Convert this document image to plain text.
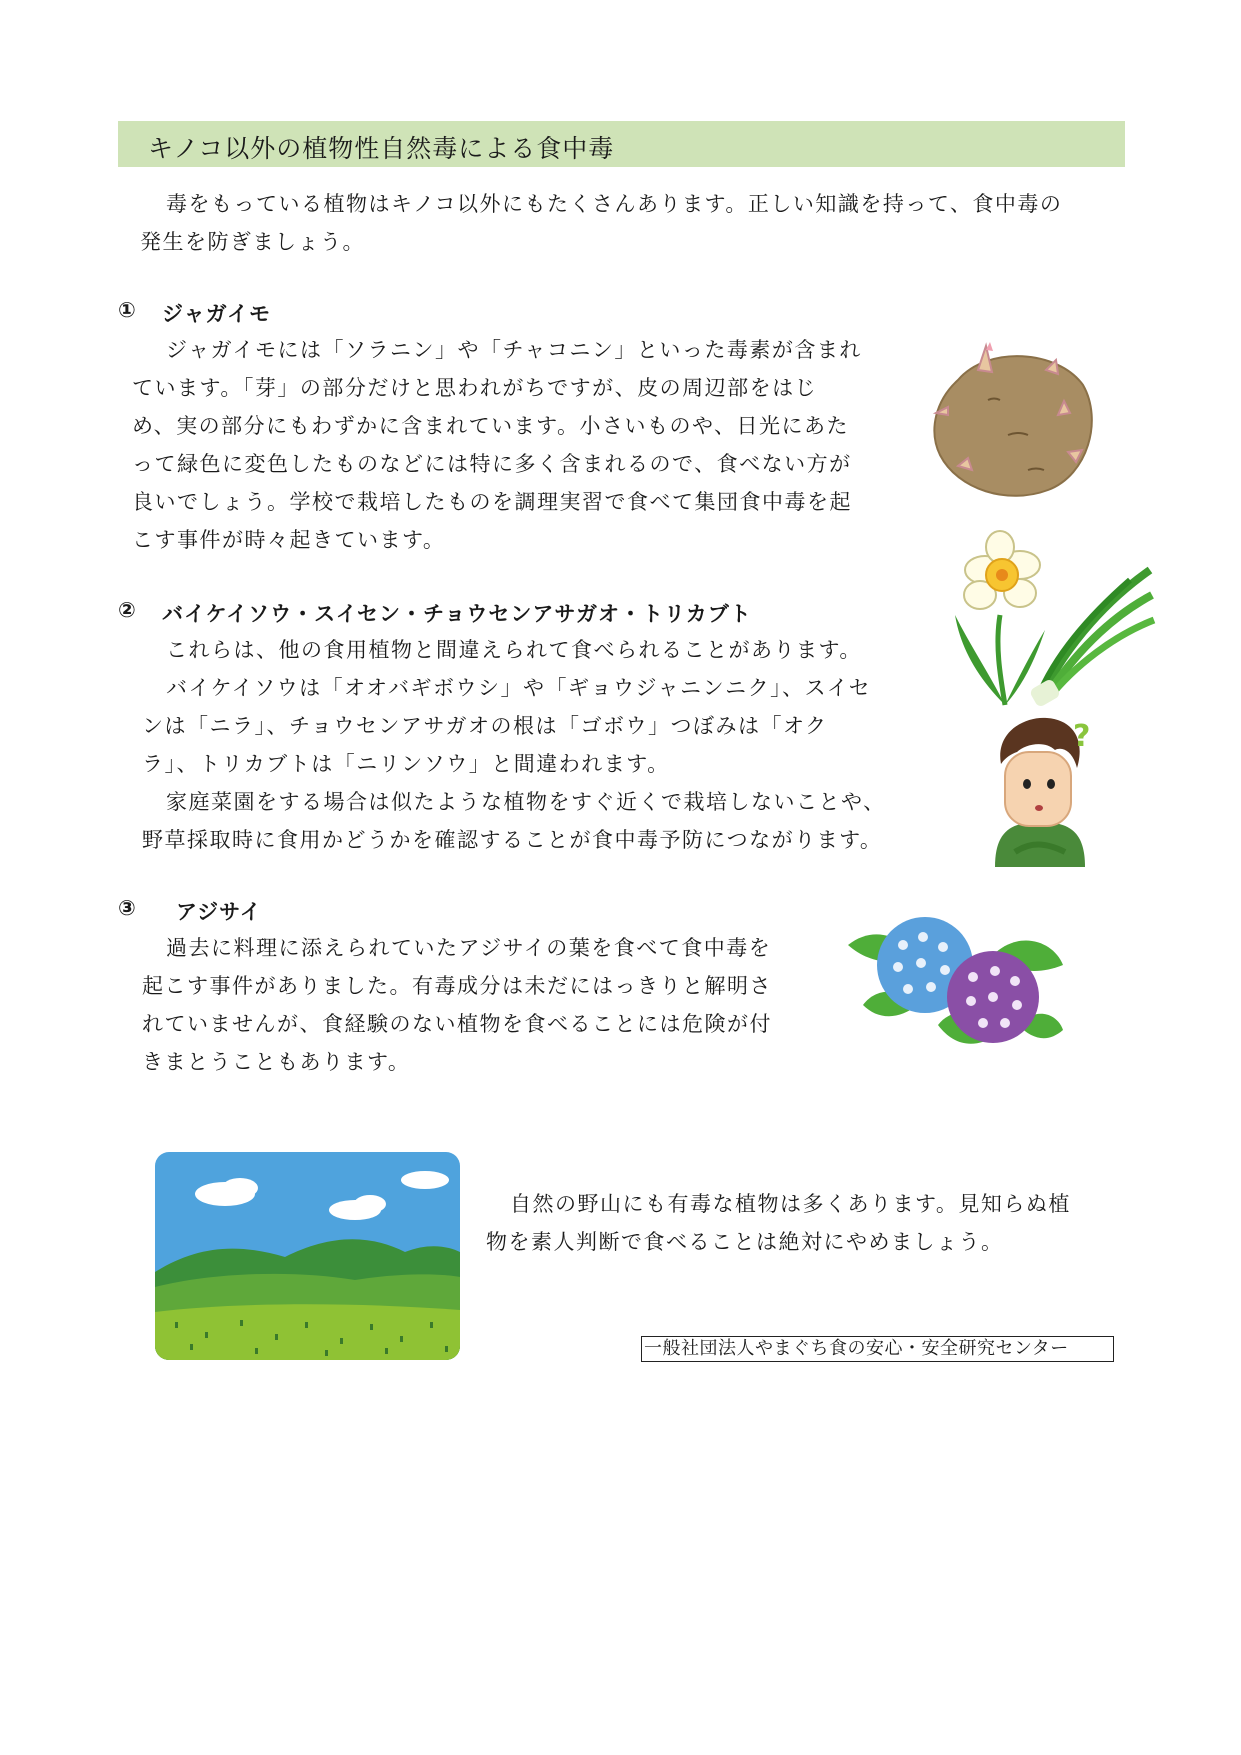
キノコ以外の植物性自然毒による食中毒
毒をもっている植物はキノコ以外にもたくさんあります。正しい知識を持って、食中毒の
発生を防ぎましょう。
① ジャガイモ
ジャガイモには「ソラニン」や「チャコニン」といった毒素が含まれ
ています。「芽」の部分だけと思われがちですが、皮の周辺部をはじ
め、実の部分にもわずかに含まれています。小さいものや、日光にあた
って緑色に変色したものなどには特に多く含まれるので、食べない方が
良いでしょう。学校で栽培したものを調理実習で食べて集団食中毒を起
こす事件が時々起きています。
② バイケイソウ・スイセン・チョウセンアサガオ・トリカブト
これらは、他の食用植物と間違えられて食べられることがあります。
バイケイソウは「オオバギボウシ」や「ギョウジャニンニク」、スイセ
ンは「ニラ」、チョウセンアサガオの根は「ゴボウ」つぼみは「オク
ラ」、トリカブトは「ニリンソウ」と間違われます。
家庭菜園をする場合は似たような植物をすぐ近くで栽培しないことや、
野草採取時に食用かどうかを確認することが食中毒予防につながります。
③ アジサイ
過去に料理に添えられていたアジサイの葉を食べて食中毒を
起こす事件がありました。有毒成分は未だにはっきりと解明さ
れていませんが、食経験のない植物を食べることには危険が付
きまとうこともあります。
自然の野山にも有毒な植物は多くあります。見知らぬ植
物を素人判断で食べることは絶対にやめましょう。
一般社団法人やまぐち食の安心・安全研究センター
?
